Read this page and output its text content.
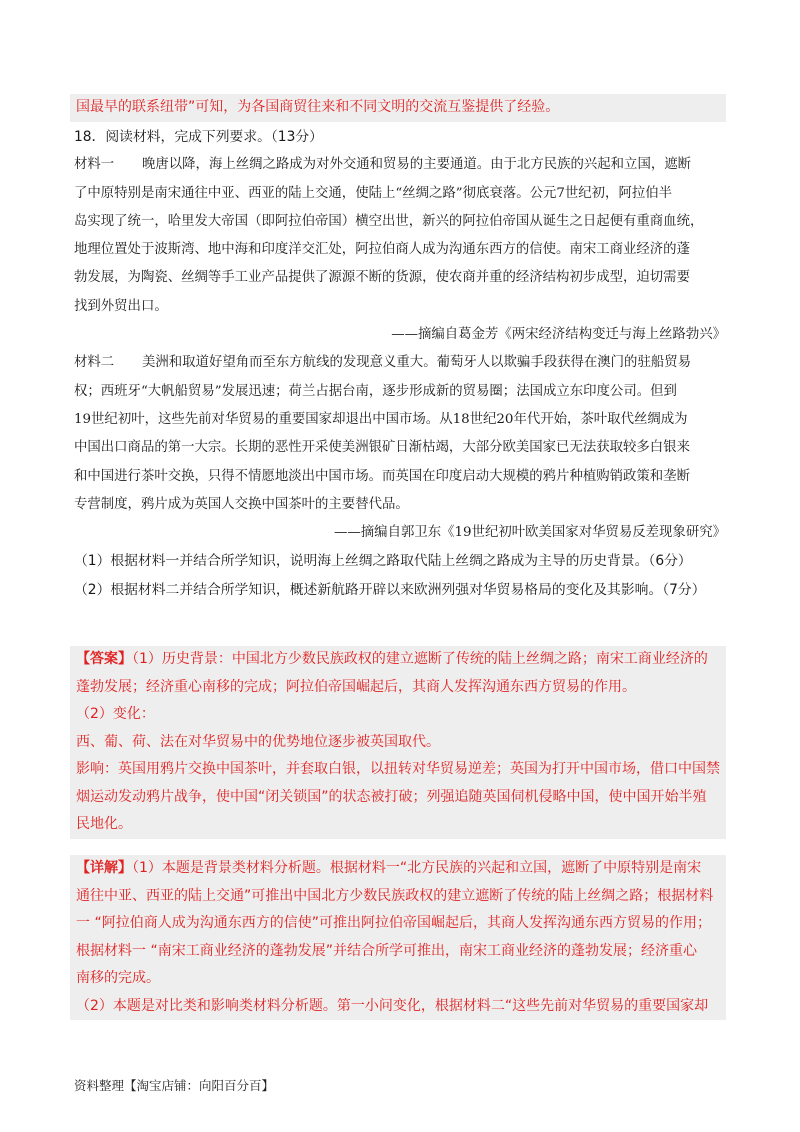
国最早的联系纽带”可知，为各国商贸往来和不同文明的交流互鉴提供了经验。

18．阅读材料，完成下列要求。（13分）

材料一 晚唐以降，海上丝绸之路成为对外交通和贸易的主要通道。由于北方民族的兴起和立国，遮断

了中原特别是南宋通往中亚、西亚的陆上交通，使陆上“丝绸之路”彻底衰落。公元7世纪初，阿拉伯半

岛实现了统一，哈里发大帝国（即阿拉伯帝国）横空出世，新兴的阿拉伯帝国从诞生之日起便有重商血统，

地理位置处于波斯湾、地中海和印度洋交汇处，阿拉伯商人成为沟通东西方的信使。南宋工商业经济的蓬

勃发展，为陶瓷、丝绸等手工业产品提供了源源不断的货源，使农商并重的经济结构初步成型，迫切需要

找到外贸出口。

——摘编自葛金芳《两宋经济结构变迁与海上丝路勃兴》

材料二 美洲和取道好望角而至东方航线的发现意义重大。葡萄牙人以欺骗手段获得在澳门的驻船贸易

权；西班牙“大帆船贸易”发展迅速；荷兰占据台南，逐步形成新的贸易圈；法国成立东印度公司。但到

19世纪初叶，这些先前对华贸易的重要国家却退出中国市场。从18世纪20年代开始，茶叶取代丝绸成为

中国出口商品的第一大宗。长期的恶性开采使美洲银矿日渐枯竭，大部分欧美国家已无法获取较多白银来

和中国进行茶叶交换，只得不情愿地淡出中国市场。而英国在印度启动大规模的鸦片种植购销政策和垄断

专营制度，鸦片成为英国人交换中国茶叶的主要替代品。

——摘编自郭卫东《19世纪初叶欧美国家对华贸易反差现象研究》

（1）根据材料一并结合所学知识，说明海上丝绸之路取代陆上丝绸之路成为主导的历史背景。（6分）

（2）根据材料二并结合所学知识，概述新航路开辟以来欧洲列强对华贸易格局的变化及其影响。（7分）

【答案】（1）历史背景：中国北方少数民族政权的建立遮断了传统的陆上丝绸之路；南宋工商业经济的

蓬勃发展；经济重心南移的完成；阿拉伯帝国崛起后，其商人发挥沟通东西方贸易的作用。

（2）变化：

西、葡、荷、法在对华贸易中的优势地位逐步被英国取代。

影响：英国用鸦片交换中国茶叶，并套取白银，以扭转对华贸易逆差；英国为打开中国市场，借口中国禁

烟运动发动鸦片战争，使中国“闭关锁国”的状态被打破；列强追随英国伺机侵略中国，使中国开始半殖

民地化。

【详解】（1）本题是背景类材料分析题。根据材料一“北方民族的兴起和立国，遮断了中原特别是南宋

通往中亚、西亚的陆上交通”可推出中国北方少数民族政权的建立遮断了传统的陆上丝绸之路；根据材料

一 “阿拉伯商人成为沟通东西方的信使”可推出阿拉伯帝国崛起后，其商人发挥沟通东西方贸易的作用；

根据材料一 “南宋工商业经济的蓬勃发展”并结合所学可推出，南宋工商业经济的蓬勃发展；经济重心

南移的完成。

（2）本题是对比类和影响类材料分析题。第一小问变化，根据材料二“这些先前对华贸易的重要国家却

资料整理【淘宝店铺：向阳百分百】
